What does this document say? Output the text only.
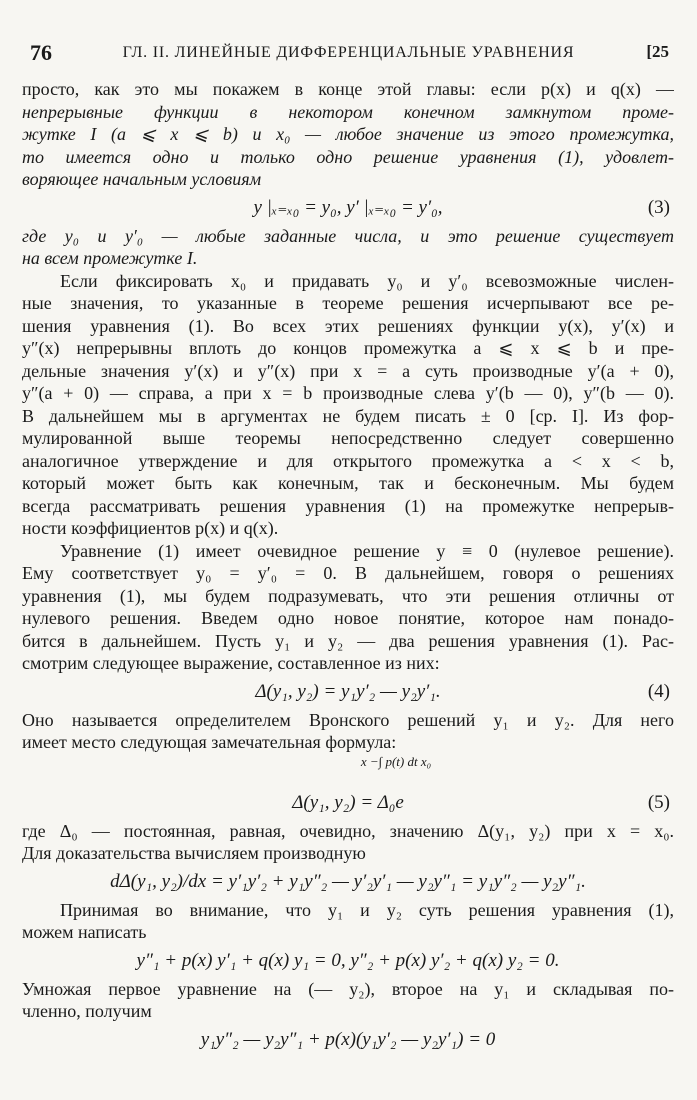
76	ГЛ. II. ЛИНЕЙНЫЕ ДИФФЕРЕНЦИАЛЬНЫЕ УРАВНЕНИЯ	[25
просто, как это мы покажем в конце этой главы: если p(x) и q(x) —
непрерывные функции в некотором конечном замкнутом проме-
жутке I (a ⩽ x ⩽ b) и x₀ — любое значение из этого промежутка,
то имеется одно и только одно решение уравнения (1), удовлет-
воряющее начальным условиям
y |ₓ₌ₓ₀ = y₀, y′ |ₓ₌ₓ₀ = y′₀,	(3)
где y₀ и y′₀ — любые заданные числа, и это решение существует
на всем промежутке I.
Если фиксировать x₀ и придавать y₀ и y′₀ всевозможные числен-
ные значения, то указанные в теореме решения исчерпывают все ре-
шения уравнения (1). Во всех этих решениях функции y(x), y′(x) и
y″(x) непрерывны вплоть до концов промежутка a ⩽ x ⩽ b и пре-
дельные значения y′(x) и y″(x) при x = a суть производные y′(a + 0),
y″(a + 0) — справа, а при x = b производные слева y′(b — 0), y″(b — 0).
В дальнейшем мы в аргументах не будем писать ± 0 [ср. I]. Из фор-
мулированной выше теоремы непосредственно следует совершенно
аналогичное утверждение и для открытого промежутка a < x < b,
который может быть как конечным, так и бесконечным. Мы будем
всегда рассматривать решения уравнения (1) на промежутке непрерыв-
ности коэффициентов p(x) и q(x).
Уравнение (1) имеет очевидное решение y ≡ 0 (нулевое решение).
Ему соответствует y₀ = y′₀ = 0. В дальнейшем, говоря о решениях
уравнения (1), мы будем подразумевать, что эти решения отличны от
нулевого решения. Введем одно новое понятие, которое нам понадо-
бится в дальнейшем. Пусть y₁ и y₂ — два решения уравнения (1). Рас-
смотрим следующее выражение, составленное из них:
Δ(y₁, y₂) = y₁y′₂ — y₂y′₁.	(4)
Оно называется определителем Вронского решений y₁ и y₂. Для него
имеет место следующая замечательная формула:
x −∫ p(t) dt x₀
Δ(y₁, y₂) = Δ₀e	(5)
где Δ₀ — постоянная, равная, очевидно, значению Δ(y₁, y₂) при x = x₀.
Для доказательства вычисляем производную
dΔ(y₁, y₂)/dx = y′₁y′₂ + y₁y″₂ — y′₂y′₁ — y₂y″₁ = y₁y″₂ — y₂y″₁.
Принимая во внимание, что y₁ и y₂ суть решения уравнения (1),
можем написать
y″₁ + p(x) y′₁ + q(x) y₁ = 0, y″₂ + p(x) y′₂ + q(x) y₂ = 0.
Умножая первое уравнение на (— y₂), второе на y₁ и складывая по-
членно, получим
y₁y″₂ — y₂y″₁ + p(x)(y₁y′₂ — y₂y′₁) = 0
